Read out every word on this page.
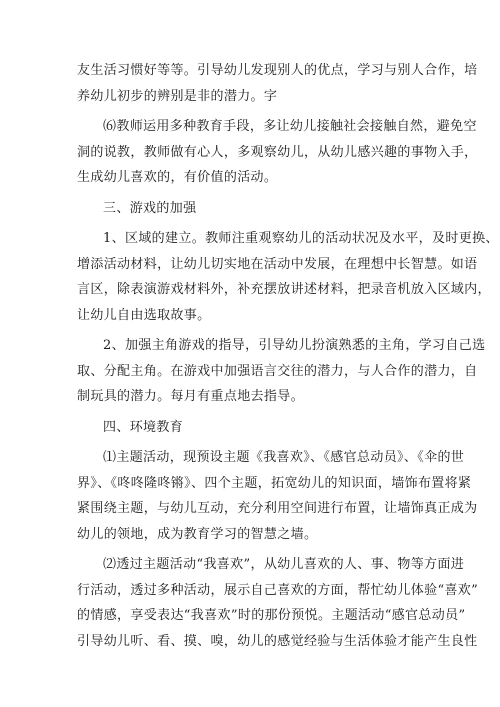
友生活习惯好等等。引导幼儿发现别人的优点，学习与别人合作，培
养幼儿初步的辨别是非的潜力。字

⑹教师运用多种教育手段，多让幼儿接触社会接触自然，避免空
洞的说教，教师做有心人，多观察幼儿，从幼儿感兴趣的事物入手，
生成幼儿喜欢的，有价值的活动。

三、游戏的加强

1、区域的建立。教师注重观察幼儿的活动状况及水平，及时更换、
增添活动材料，让幼儿切实地在活动中发展，在理想中长智慧。如语
言区，除表演游戏材料外，补充摆放讲述材料，把录音机放入区域内，
让幼儿自由选取故事。

2、加强主角游戏的指导，引导幼儿扮演熟悉的主角，学习自己选
取、分配主角。在游戏中加强语言交往的潜力，与人合作的潜力，自
制玩具的潜力。每月有重点地去指导。

四、环境教育

⑴主题活动，现预设主题《我喜欢》、《感官总动员》、《伞的世
界》、《咚咚隆咚锵》、四个主题，拓宽幼儿的知识面，墙饰布置将紧
紧围绕主题，与幼儿互动，充分利用空间进行布置，让墙饰真正成为
幼儿的领地，成为教育学习的智慧之墙。

⑵透过主题活动“我喜欢”，从幼儿喜欢的人、事、物等方面进
行活动，透过多种活动，展示自己喜欢的方面，帮忙幼儿体验“喜欢”
的情感，享受表达“我喜欢”时的那份预悦。主题活动“感官总动员”
引导幼儿听、看、摸、嗅，幼儿的感觉经验与生活体验才能产生良性
